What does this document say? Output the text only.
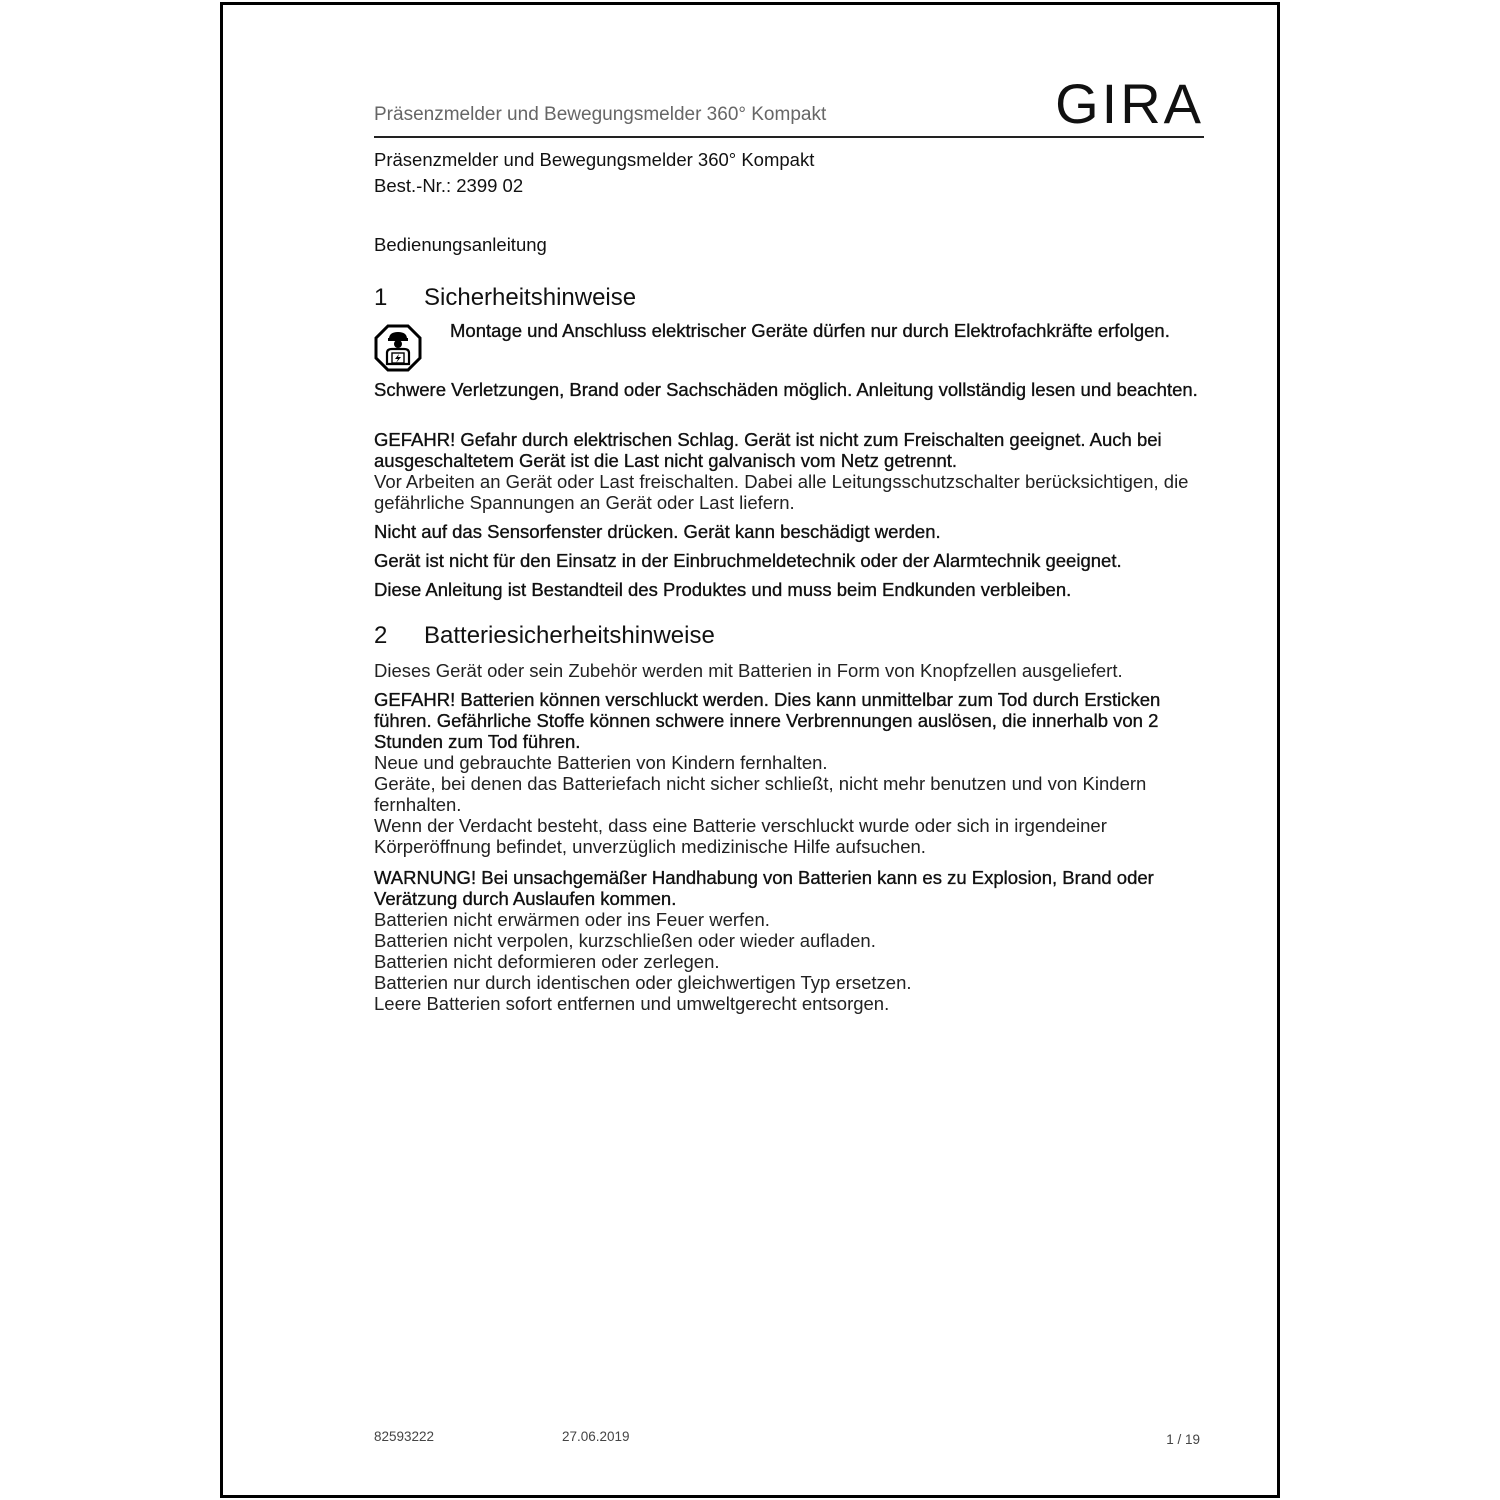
Präsenzmelder und Bewegungsmelder 360° Kompakt	GIRA
Präsenzmelder und Bewegungsmelder 360° Kompakt
Best.-Nr.: 2399 02
Bedienungsanleitung
1 Sicherheitshinweise
Montage und Anschluss elektrischer Geräte dürfen nur durch Elektrofachkräfte erfolgen.
Schwere Verletzungen, Brand oder Sachschäden möglich. Anleitung vollständig lesen und beachten.
GEFAHR! Gefahr durch elektrischen Schlag. Gerät ist nicht zum Freischalten geeignet. Auch bei ausgeschaltetem Gerät ist die Last nicht galvanisch vom Netz getrennt.
Vor Arbeiten an Gerät oder Last freischalten. Dabei alle Leitungsschutzschalter berücksichtigen, die gefährliche Spannungen an Gerät oder Last liefern.
Nicht auf das Sensorfenster drücken. Gerät kann beschädigt werden.
Gerät ist nicht für den Einsatz in der Einbruchmeldetechnik oder der Alarmtechnik geeignet.
Diese Anleitung ist Bestandteil des Produktes und muss beim Endkunden verbleiben.
2 Batteriesicherheitshinweise
Dieses Gerät oder sein Zubehör werden mit Batterien in Form von Knopfzellen ausgeliefert.
GEFAHR! Batterien können verschluckt werden. Dies kann unmittelbar zum Tod durch Ersticken führen. Gefährliche Stoffe können schwere innere Verbrennungen auslösen, die innerhalb von 2 Stunden zum Tod führen.
Neue und gebrauchte Batterien von Kindern fernhalten.
Geräte, bei denen das Batteriefach nicht sicher schließt, nicht mehr benutzen und von Kindern fernhalten.
Wenn der Verdacht besteht, dass eine Batterie verschluckt wurde oder sich in irgendeiner Körperöffnung befindet, unverzüglich medizinische Hilfe aufsuchen.
WARNUNG! Bei unsachgemäßer Handhabung von Batterien kann es zu Explosion, Brand oder Verätzung durch Auslaufen kommen.
Batterien nicht erwärmen oder ins Feuer werfen.
Batterien nicht verpolen, kurzschließen oder wieder aufladen.
Batterien nicht deformieren oder zerlegen.
Batterien nur durch identischen oder gleichwertigen Typ ersetzen.
Leere Batterien sofort entfernen und umweltgerecht entsorgen.
82593222	27.06.2019	1 / 19
